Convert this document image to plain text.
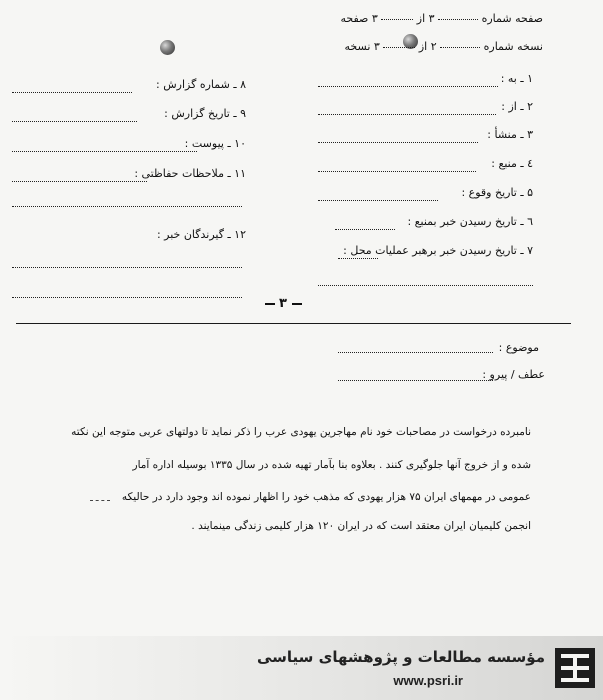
صفحه شماره  ۳ از  ۳ صفحه
نسخه شماره  ۲ از  ۳ نسخه
۸ ـ شماره گزارش :
۹ ـ تاریخ گزارش :
۱۰ ـ پیوست :
۱۱ ـ ملاحظات حفاظتی :
۱۲ ـ گیرندگان خبر :
۱ ـ به :
۲ ـ از :
۳ ـ منشأ :
٤ ـ منبع :
۵ ـ تاریخ وقوع :
٦ ـ تاریخ رسیدن خبر بمنبع :
۷ ـ تاریخ رسیدن خبر برهبر عملیات محل :
۳
موضوع :
عطف / پیرو :
نامبرده درخواست در مصاحبات خود نام مهاجرین یهودی عرب را ذکر نماید تا دولتهای عربی متوجه این نکته
شده و از خروج آنها جلوگیری کنند . بعلاوه بنا بآمار تهیه شده در سال ۱۳۳۵ بوسیله اداره آمار
عمومی در مهمهای ایران ۷۵ هزار یهودی که مذهب خود را اظهار نموده اند وجود دارد در حالیکه
انجمن کلیمیان ایران معتقد است که در ایران ۱۲۰ هزار کلیمی زندگی مینمایند .
مؤسسه مطالعات و پژوهشهای سیاسی
www.psri.ir
